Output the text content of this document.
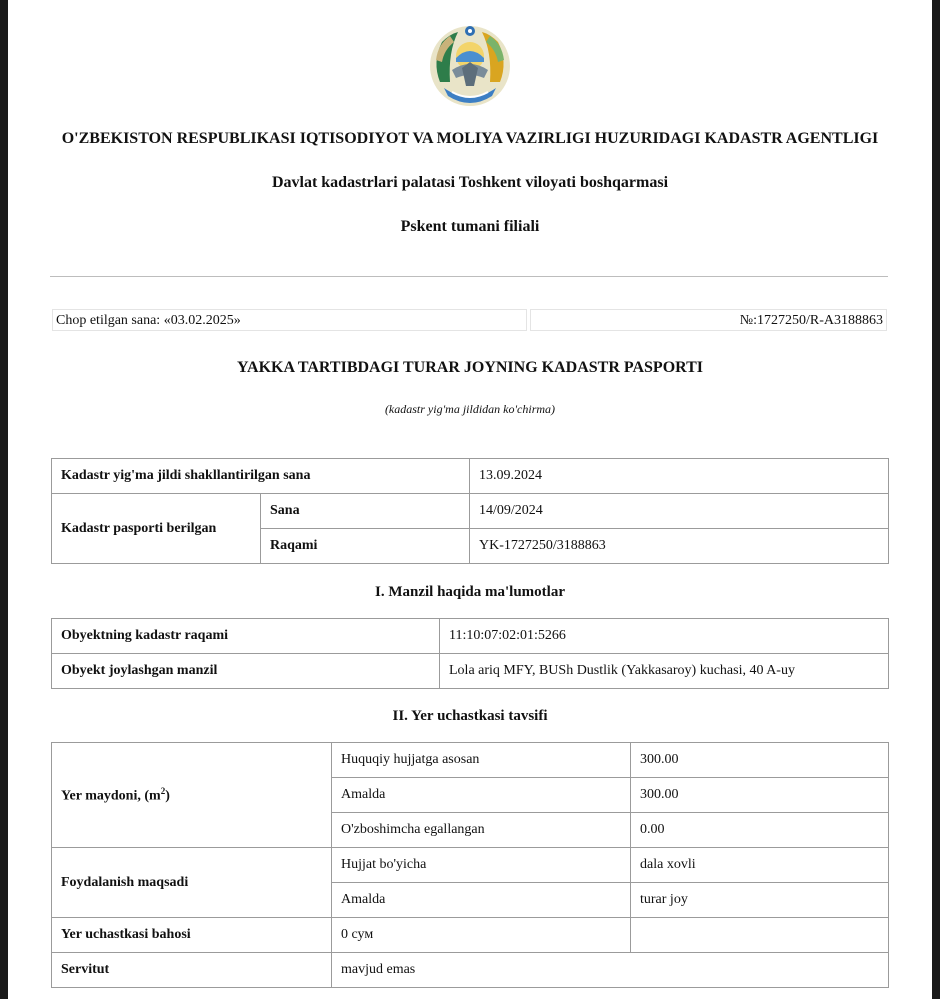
O'ZBEKISTON RESPUBLIKASI IQTISODIYOT VA MOLIYA VAZIRLIGI HUZURIDAGI KADASTR AGENTLIGI
Davlat kadastrlari palatasi Toshkent viloyati boshqarmasi
Pskent tumani filiali
Chop etilgan sana: «03.02.2025»	№:1727250/R-A3188863
YAKKA TARTIBDAGI TURAR JOYNING KADASTR PASPORTI
(kadastr yig'ma jildidan ko'chirma)
Kadastr yig'ma jildi shakllantirilgan sana		13.09.2024
Kadastr pasporti berilgan	Sana	14/09/2024
	Raqami	YK-1727250/3188863
I. Manzil haqida ma'lumotlar
Obyektning kadastr raqami	11:10:07:02:01:5266
Obyekt joylashgan manzil	Lola ariq MFY, BUSh Dustlik (Yakkasaroy) kuchasi, 40 A-uy
II. Yer uchastkasi tavsifi
Yer maydoni, $(m^2)$	Huquqiy hujjatga asosan	300.00
	Amalda	300.00
	O'zboshimcha egallangan	0.00
Foydalanish maqsadi	Hujjat bo'yicha	dala xovli
	Amalda	turar joy
Yer uchastkasi bahosi	0 сум	
Servitut	mavjud emas	
